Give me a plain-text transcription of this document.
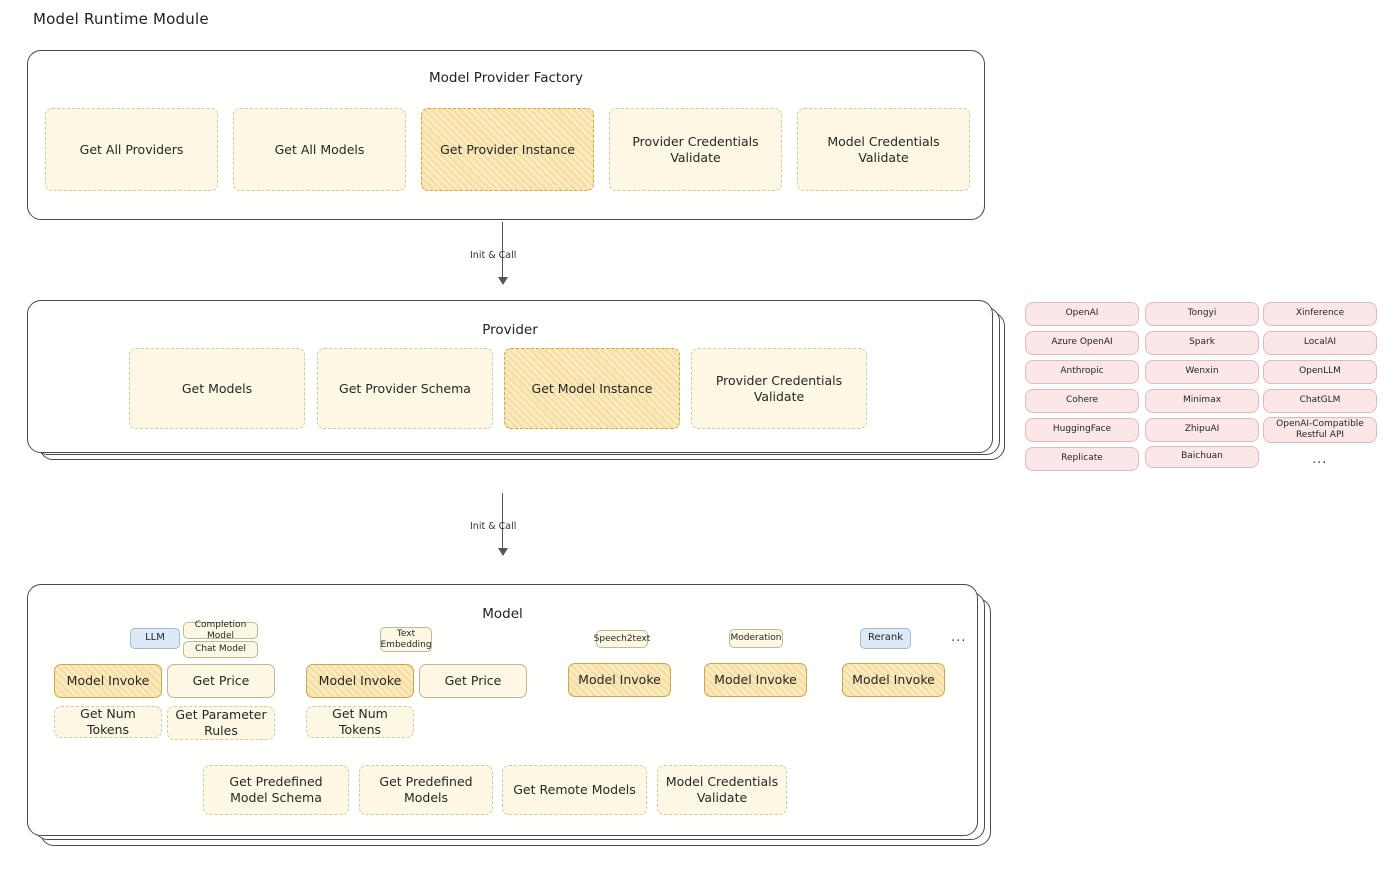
Model Runtime Module
Model Provider Factory
Get All Providers	Get All Models	Get Provider Instance
Provider Credentials Validate
Model Credentials Validate
Init & Call
Provider
Get Models	Get Provider Schema	Get Model Instance
Provider Credentials Validate
OpenAI
Azure OpenAI
Anthropic
Cohere
HuggingFace
Replicate
Tongyi
Spark
Wenxin
Minimax
ZhipuAI
Baichuan
Xinference
LocalAI
OpenLLM
ChatGLM
OpenAI-Compatible Restful API
...
Init & Call
Model
LLM
Completion Model
Chat Model
Model Invoke	Get Price
Get Num Tokens
Get Parameter Rules
Text Embedding
Model Invoke	Get Price
Get Num Tokens
Speech2text
Model Invoke
Moderation
Model Invoke
Rerank
Model Invoke
...
Get Predefined Model Schema
Get Predefined Models
Get Remote Models
Model Credentials Validate
